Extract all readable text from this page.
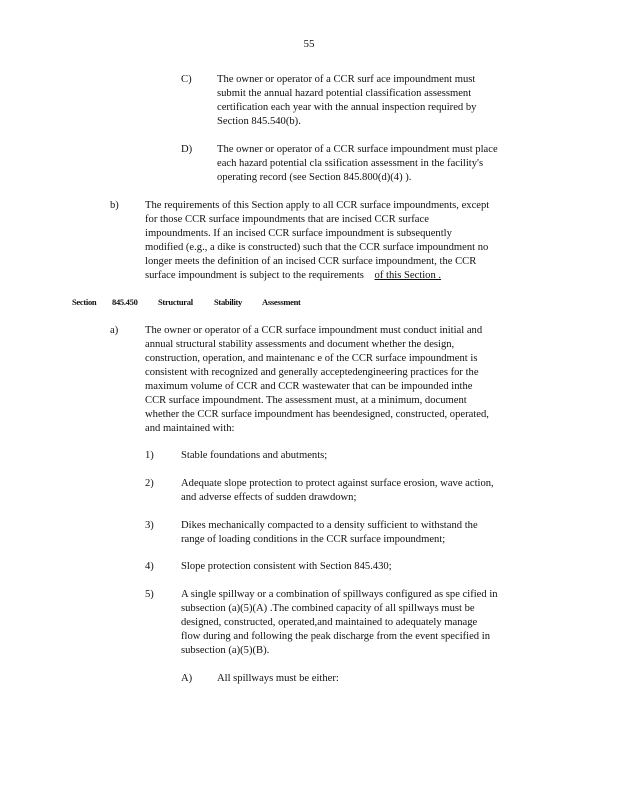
55
C) The owner or operator of a CCR surf ace impoundment must
submit the annual hazard potential classification assessment
certification each year with the annual inspection required by
Section 845.540(b).
D) The owner or operator of a CCR surface impoundment must place
each hazard potential cla ssification assessment in the facility's
operating record (see Section 845.800(d)(4) ).
b) The requirements of this Section apply to all CCR surface impoundments, except
for those CCR surface impoundments that are incised CCR surface
impoundments. If an incised CCR surface impoundment is subsequently
modified (e.g., a dike is constructed) such that the CCR surface impoundment no
longer meets the definition of an incised CCR surface impoundment, the CCR
surface impoundment is subject to the requirements of this Section .
Section 845.450 Structural Stability Assessment
a)	The owner or operator of a CCR surface impoundment must conduct initial and
annual structural stability assessments and document whether the design,
construction, operation, and maintenanc e of the CCR surface impoundment is
consistent with recognized and generally acceptedengineering practices for the
maximum volume of CCR and CCR wastewater that can be impounded inthe
CCR surface impoundment. The assessment must, at a minimum, document
whether the CCR surface impoundment has beendesigned, constructed, operated,
and maintained with:
1)	Stable foundations and abutments;
2)	Adequate slope protection to protect against surface erosion, wave action,
and adverse effects of sudden drawdown;
3)	Dikes mechanically compacted to a density sufficient to withstand the
range of loading conditions in the CCR surface impoundment;
4)	Slope protection consistent with Section 845.430;
5)	A single spillway or a combination of spillways configured as spe cified in
subsection (a)(5)(A) .The combined capacity of all spillways must be
designed, constructed, operated,and maintained to adequately manage
flow during and following the peak discharge from the event specified in
subsection (a)(5)(B).
A) All spillways must be either:
